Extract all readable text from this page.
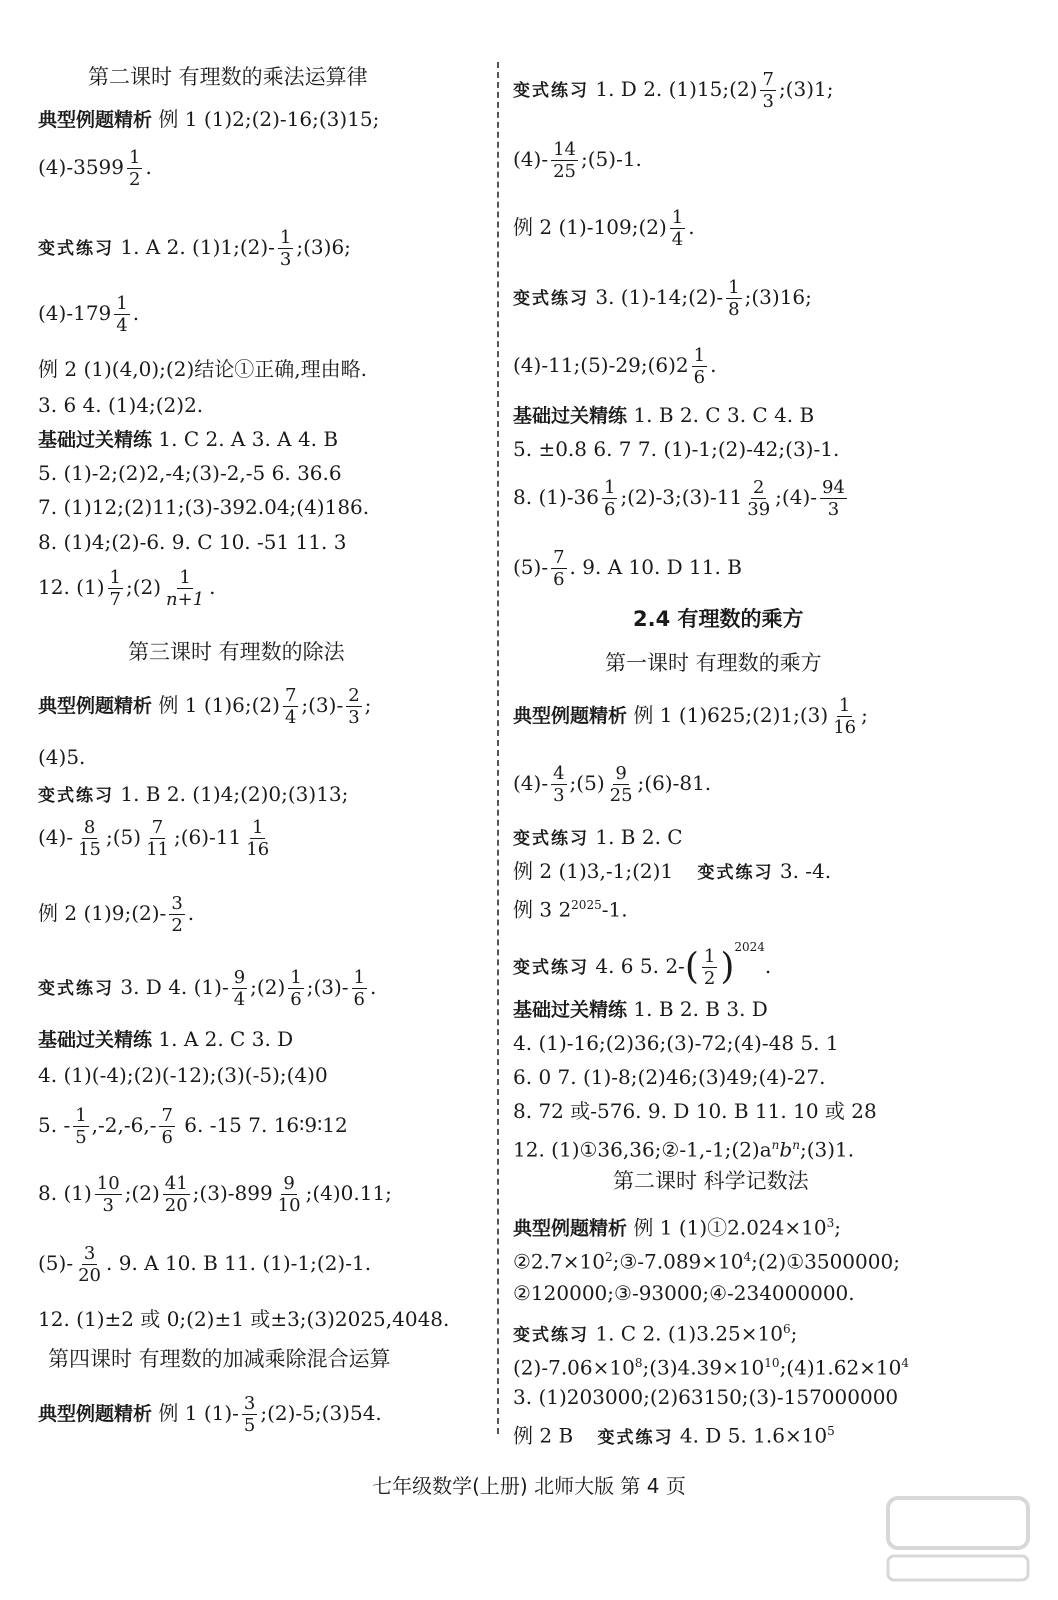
第二课时 有理数的乘法运算律
典型例题精析 例 1 (1)2;(2)-16;(3)15;
$(4)-3599 \frac{1}{2}$ .
变式练习 1. A 2. (1)1;(2)- $\frac{1}{3}$ ;(3)6;
$(4)-179 \frac{1}{4}$ .
例 2 (1)(4,0);(2)结论①正确,理由略.
3. 6 4. (1)4;(2)2.
基础过关精练 1. C 2. A 3. A 4. B
5. (1)-2;(2)2,-4;(3)-2,-5 6. 36.6
7. (1)12;(2)11;(3)-392.04;(4)186.
8. (1)4;(2)-6. 9. C 10. -51 11. 3
12. $(1) \frac{1}{7}$ ;(2) $\frac{1}{n+1}$ .
第三课时 有理数的除法
典型例题精析 例 1 (1)6;(2) $\frac{7}{4}$ ;(3)- $\frac{2}{3}$ ;
(4)5.
变式练习 1. B 2. (1)4;(2)0;(3)13;
$(4)- \frac{8}{15}$ ;(5) $\frac{7}{11}$ ;(6)-11 $\frac{1}{16}$
例 2 (1)9;(2)- $\frac{3}{2}$ .
变式练习 3. D 4. $(1)- \frac{9}{4}$ ;(2) $\frac{1}{6}$ ;(3)- $\frac{1}{6}$ .
基础过关精练 1. A 2. C 3. D
4. (1)(-4);(2)(-12);(3)(-5);(4)0
5. - $\frac{1}{5} ,-2,-6,- \frac{7}{6} 6$. -15 7. 16∶9∶12
8. $(1) \frac{10}{3}$ ;(2) $\frac{41}{20}$ ;(3)-899 $\frac{9}{10}$ ;(4)0.11;
$(5)- \frac{3}{20}$ . 9. A 10. B 11. (1)-1;(2)-1.
12. (1)±2 或 0;(2)±1 或±3;(3)2025,4048.
第四课时 有理数的加减乘除混合运算
典型例题精析 例 1 $(1)- \frac{3}{5}$ ;(2)-5;(3)54.
变式练习 1. D 2. (1)15;(2) $\frac{7}{3}$ ;(3)1;
$(4)- \frac{14}{25}$ ;(5)-1.
例 2 (1)-109;(2) $\frac{1}{4}$ .
变式练习 3. (1)-14;(2)- $\frac{1}{8}$ ;(3)16;
(4)-11;(5)-29;(6)2 $\frac{1}{6}$ .
基础过关精练 1. B 2. C 3. C 4. B
5. ±0.8 6. 7 7. (1)-1;(2)-42;(3)-1.
8. $(1)-36 \frac{1}{6}$ ;(2)-3;(3)-11 $\frac{2}{39}$ ;(4)- $\frac{94}{3}$
$(5)- \frac{7}{6}$ . 9. A 10. D 11. B
2.4 有理数的乘方
第一课时 有理数的乘方
典型例题精析 例 1 (1)625;(2)1;(3) $\frac{1}{16}$ ;
$(4)- \frac{4}{3}$ ;(5) $\frac{9}{25}$ ;(6)-81.
变式练习 1. B 2. C
例 2 (1)3,-1;(2)1 变式练习 3. -4.
例 3 $2^{2025}-1$.
变式练习 4. 6 5. $2-( \frac{1}{2} )^{2024}$.
基础过关精练 1. B 2. B 3. D
4. (1)-16;(2)36;(3)-72;(4)-48 5. 1
6. 0 7. (1)-8;(2)46;(3)49;(4)-27.
8. 72 或-576. 9. D 10. B 11. 10 或 28
12. $(1)①36,36;②-1,-1;(2)a^nb^n;(3)1$.
第二课时 科学记数法
典型例题精析 例 1 $(1)①2.024\times 10^3$;
$②2.7\times 10^2;③-7.089\times 10^4;(2)①3500000$;
②120000;③-93000;④-234000000.
变式练习 1. C 2. $(1)3.25\times 10^6$;
$(2)-7.06\times 10^8;(3)4.39\times 10^{10};(4)1.62\times 10^4$
3. (1)203000;(2)63150;(3)-157000000
例 2 B 变式练习 4. D 5. $1.6\times 10^5$
七年级数学(上册) 北师大版 第 4 页
